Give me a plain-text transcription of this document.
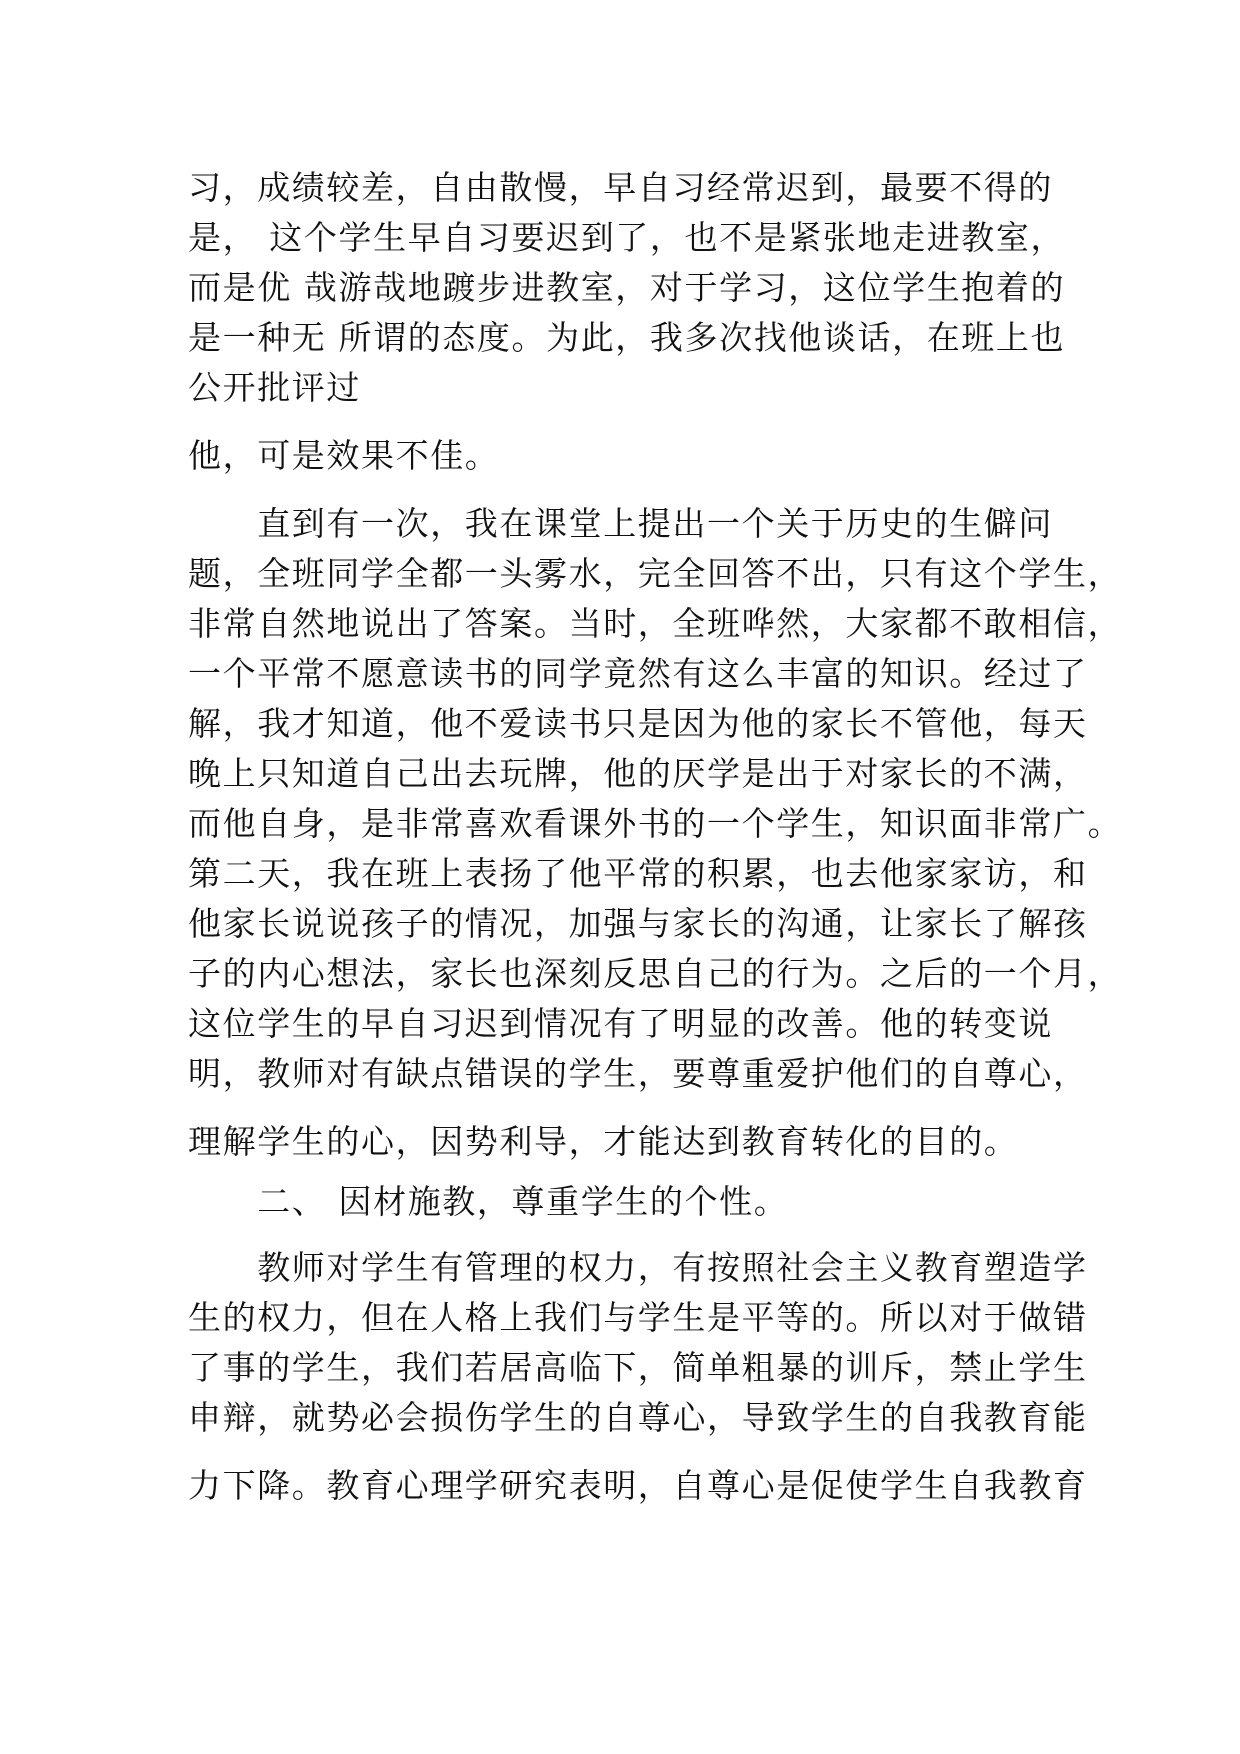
习，成绩较差，自由散慢，早自习经常迟到，最要不得的
是， 这个学生早自习要迟到了，也不是紧张地走进教室，
而是优 哉游哉地踱步进教室，对于学习，这位学生抱着的
是一种无 所谓的态度。为此，我多次找他谈话，在班上也
公开批评过
他，可是效果不佳。
　　直到有一次，我在课堂上提出一个关于历史的生僻问
题，全班同学全都一头雾水，完全回答不出，只有这个学生，
非常自然地说出了答案。当时，全班哗然，大家都不敢相信，
一个平常不愿意读书的同学竟然有这么丰富的知识。经过了
解，我才知道，他不爱读书只是因为他的家长不管他，每天
晚上只知道自己出去玩牌，他的厌学是出于对家长的不满，
而他自身，是非常喜欢看课外书的一个学生，知识面非常广。
第二天，我在班上表扬了他平常的积累，也去他家家访，和
他家长说说孩子的情况，加强与家长的沟通，让家长了解孩
子的内心想法，家长也深刻反思自己的行为。之后的一个月，
这位学生的早自习迟到情况有了明显的改善。他的转变说
明，教师对有缺点错误的学生，要尊重爱护他们的自尊心，
理解学生的心，因势利导，才能达到教育转化的目的。
　　二、 因材施教，尊重学生的个性。
　　教师对学生有管理的权力，有按照社会主义教育塑造学
生的权力，但在人格上我们与学生是平等的。所以对于做错
了事的学生，我们若居高临下，简单粗暴的训斥，禁止学生
申辩，就势必会损伤学生的自尊心，导致学生的自我教育能
力下降。教育心理学研究表明，自尊心是促使学生自我教育
